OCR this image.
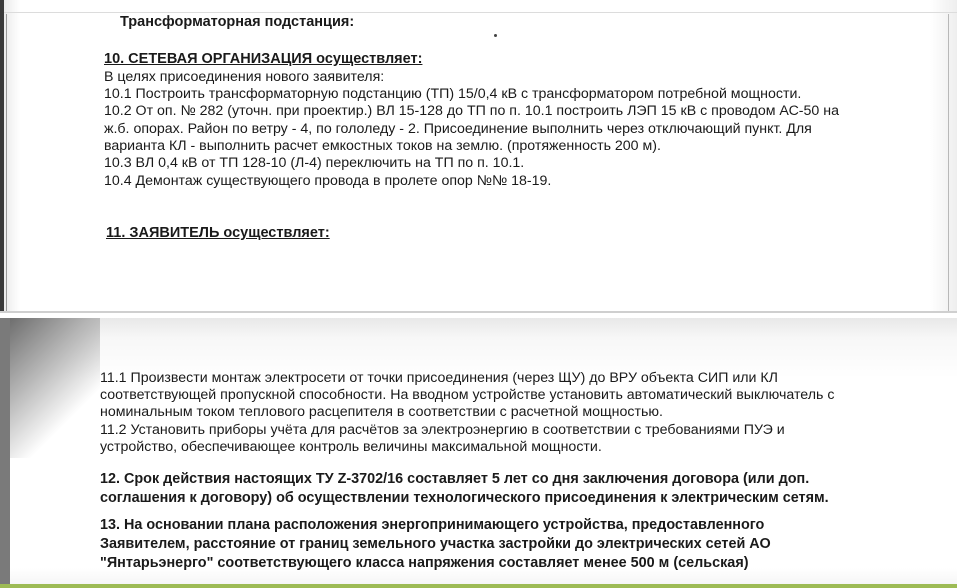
Трансформаторная подстанция:
10. СЕТЕВАЯ ОРГАНИЗАЦИЯ осуществляет:
В целях присоединения нового заявителя:
10.1 Построить трансформаторную подстанцию (ТП) 15/0,4 кВ с трансформатором потребной мощности.
10.2 От оп. № 282 (уточн. при проектир.) ВЛ 15-128 до ТП по п. 10.1 построить ЛЭП 15 кВ с проводом АС-50 на
ж.б. опорах. Район по ветру - 4, по гололеду - 2. Присоединение выполнить через отключающий пункт. Для
варианта КЛ - выполнить расчет емкостных токов на землю. (протяженность 200 м).
10.3 ВЛ 0,4 кВ от ТП 128-10 (Л-4) переключить на ТП по п. 10.1.
10.4 Демонтаж существующего провода в пролете опор №№ 18-19.
11. ЗАЯВИТЕЛЬ осуществляет:
11.1 Произвести монтаж электросети от точки присоединения (через ЩУ) до ВРУ объекта СИП или КЛ
соответствующей пропускной способности. На вводном устройстве установить автоматический выключатель с
номинальным током теплового расцепителя в соответствии с расчетной мощностью.
11.2 Установить приборы учёта для расчётов за электроэнергию в соответствии с требованиями ПУЭ и
устройство, обеспечивающее контроль величины максимальной мощности.
12. Срок действия настоящих ТУ Z-3702/16 составляет 5 лет со дня заключения договора (или доп.
соглашения к договору) об осуществлении технологического присоединения к электрическим сетям.
13. На основании плана расположения энергопринимающего устройства, предоставленного
Заявителем, расстояние от границ земельного участка застройки до электрических сетей АО
"Янтарьэнерго" соответствующего класса напряжения составляет менее 500 м (сельская)
